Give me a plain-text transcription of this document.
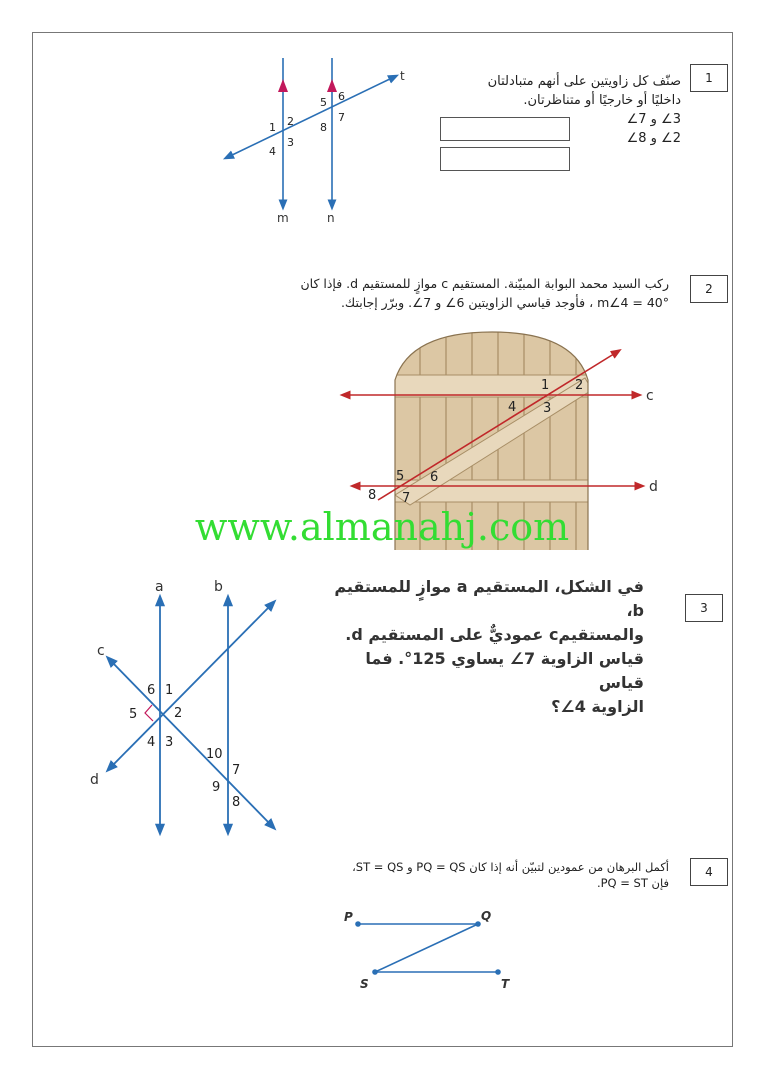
1
صنّف كل زاويتين على أنهم متبادلتان
داخليًا أو خارجيًا أو متناظرتان.
3∠ و 7∠
2∠ و 8∠
t
m	n
1 2
3
4
5 6
7
8
2
ركب السيد محمد البوابة المبيّنة. المستقيم c موازٍ للمستقيم d. فإذا كان
m∠4 = 40° ، فأوجد قياسي الزاويتين 6∠ و 7∠. وبرّر إجابتك.
c
d
1 2
3
4
5 6
7
8
www.almanahj.com
3
في الشكل، المستقيم a موازٍ للمستقيم b،
والمستقيمc عموديٌّ على المستقيم d.
قياس الزاوية 7∠ يساوي 125°. فما قياس
الزاوية 4∠؟
a	b
c
d
1
2
3
4
5
6
7
8
9
10
4
أكمل البرهان من عمودين لتبيّن أنه إذا كان PQ = QS و ST = QS،
فإن PQ = ST.
P	Q
S	T
